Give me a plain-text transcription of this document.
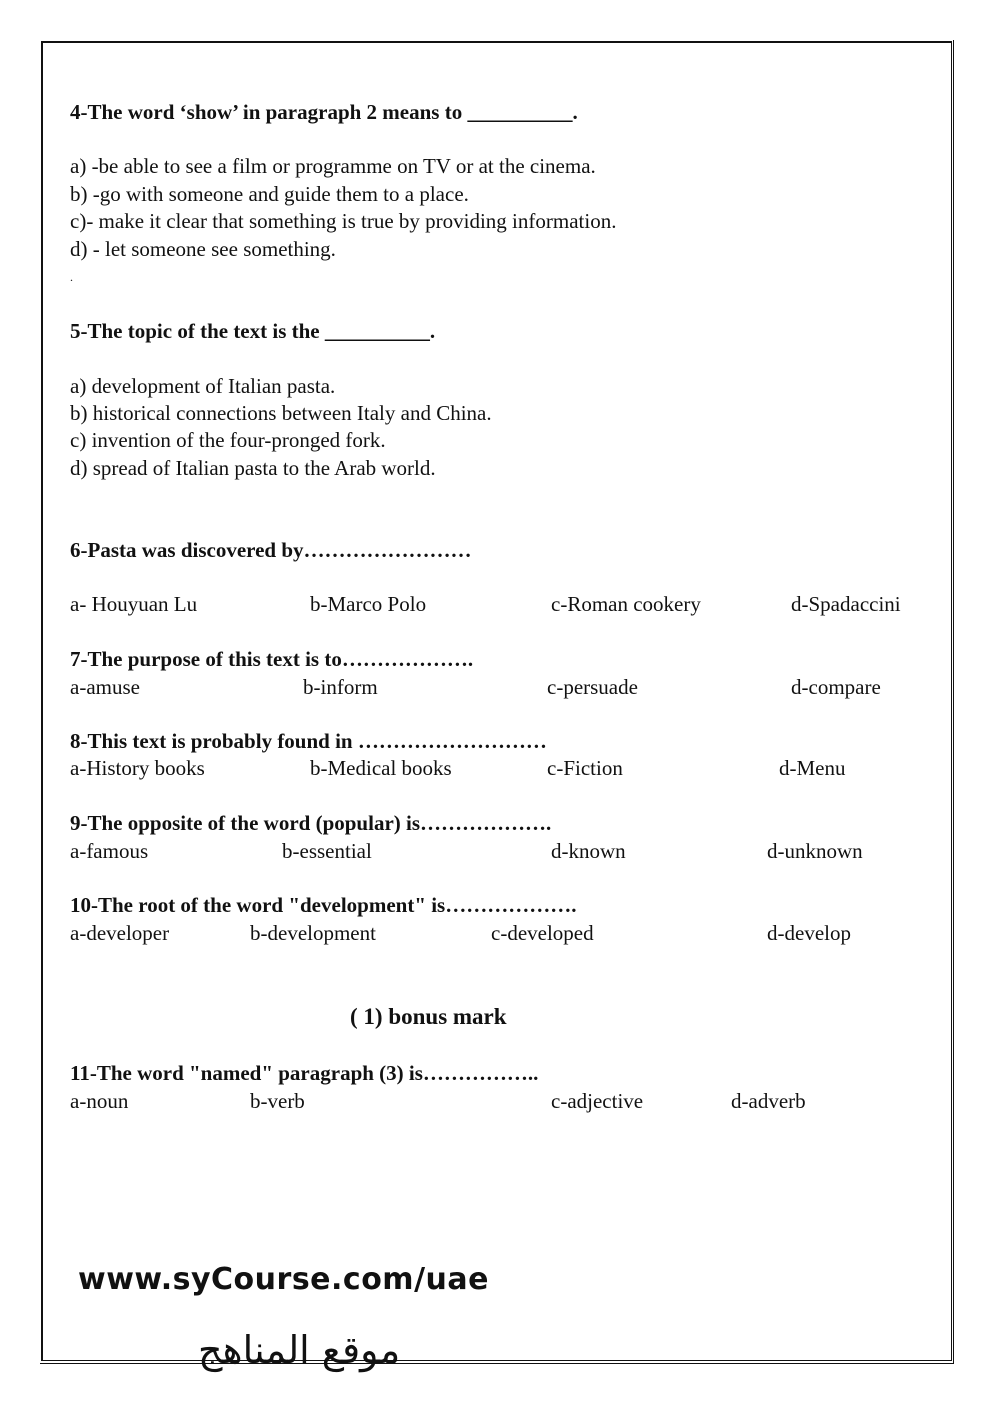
4-The word ‘show’ in paragraph 2 means to __________.
a) -be able to see a film or programme on TV or at the cinema.
b) -go with someone and guide them to a place.
c)- make it clear that something is true by providing information.
d) - let someone see something.
.
5-The topic of the text is the __________.
a) development of Italian pasta.
b) historical connections between Italy and China.
c) invention of the four-pronged fork.
d) spread of Italian pasta to the Arab world.
6-Pasta was discovered by……………………
a- Houyuan Lu	b-Marco Polo	c-Roman cookery	d-Spadaccini
7-The purpose of this text is to……………….
a-amuse	b-inform	c-persuade	d-compare
8-This text is probably found in ………………………
a-History books	b-Medical books	c-Fiction	d-Menu
9-The opposite of the word (popular) is……………….
a-famous	b-essential	d-known	d-unknown
10-The root of the word "development" is……………….
a-developer	b-development	c-developed	d-develop
( 1) bonus mark
11-The word "named" paragraph (3) is……………..
a-noun	b-verb	c-adjective	d-adverb
www.syCourse.com/uae
موقع المناهج
